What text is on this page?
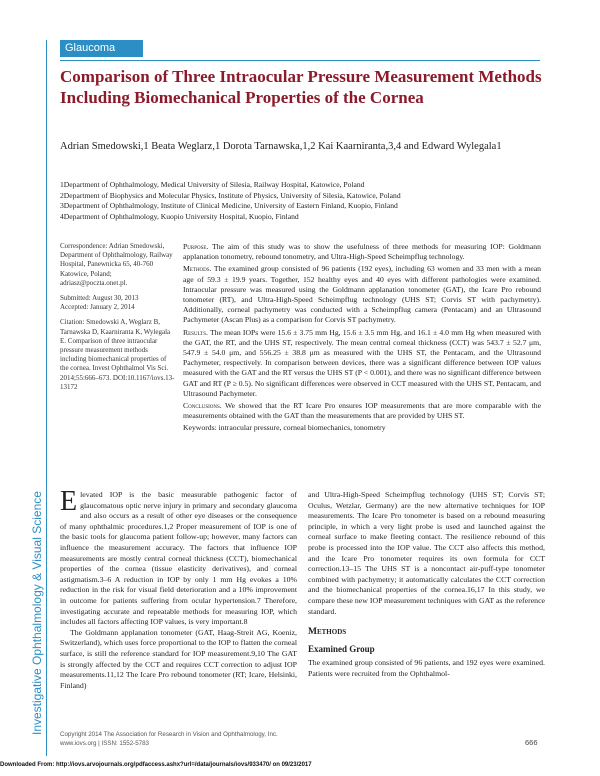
Glaucoma
Comparison of Three Intraocular Pressure Measurement Methods Including Biomechanical Properties of the Cornea
Adrian Smedowski,1 Beata Weglarz,1 Dorota Tarnawska,1,2 Kai Kaarniranta,3,4 and Edward Wylegala1
1Department of Ophthalmology, Medical University of Silesia, Railway Hospital, Katowice, Poland
2Department of Biophysics and Molecular Physics, Institute of Physics, University of Silesia, Katowice, Poland
3Department of Ophthalmology, Institute of Clinical Medicine, University of Eastern Finland, Kuopio, Finland
4Department of Ophthalmology, Kuopio University Hospital, Kuopio, Finland
Correspondence: Adrian Smedowski, Department of Ophthalmology, Railway Hospital, Panewnicka 65, 40-760 Katowice, Poland; adriasz@poczta.onet.pl.
Submitted: August 30, 2013
Accepted: January 2, 2014
Citation: Smedowski A, Weglarz B, Tarnawska D, Kaarniranta K, Wylegala E. Comparison of three intraocular pressure measurement methods including biomechanical properties of the cornea. Invest Ophthalmol Vis Sci. 2014;55:666–673. DOI:10.1167/iovs.13-13172

Purpose. The aim of this study was to show the usefulness of three methods for measuring IOP: Goldmann applanation tonometry, rebound tonometry, and Ultra-High-Speed Scheimpflug technology.

Methods. The examined group consisted of 96 patients (192 eyes), including 63 women and 33 men with a mean age of 59.3 ± 19.9 years. Together, 152 healthy eyes and 40 eyes with different pathologies were examined. Intraocular pressure was measured using the Goldmann applanation tonometer (GAT), the Icare Pro rebound tonometer (RT), and Ultra-High-Speed Scheimpflug technology (UHS ST; Corvis ST with pachymetry). Additionally, corneal pachymetry was conducted with a Scheimpflug camera (Pentacam) and an Ultrasound Pachymeter (Ascan Plus) as a comparison for Corvis ST pachymetry.

Results. The mean IOPs were 15.6 ± 3.75 mm Hg, 15.6 ± 3.5 mm Hg, and 16.1 ± 4.0 mm Hg when measured with the GAT, the RT, and the UHS ST, respectively. The mean central corneal thickness (CCT) was 543.7 ± 52.7 μm, 547.9 ± 54.0 μm, and 556.25 ± 38.8 μm as measured with the UHS ST, the Pentacam, and the Ultrasound Pachymeter, respectively. In comparison between devices, there was a significant difference between IOP values measured with the GAT and the RT versus the UHS ST (P < 0.001), and there was no significant difference between GAT and RT (P ≥ 0.5). No significant differences were observed in CCT measured with the UHS ST, Pentacam, and Ultrasound Pachymeter.

Conclusions. We showed that the RT Icare Pro ensures IOP measurements that are more comparable with the measurements obtained with the GAT than the measurements that are provided by UHS ST.

Keywords: intraocular pressure, corneal biomechanics, tonometry

Elevated IOP is the basic measurable pathogenic factor of glaucomatous optic nerve injury in primary and secondary glaucoma and also occurs as a result of other eye diseases or the consequence of many ophthalmic procedures.1,2 Proper measurement of IOP is one of the basic tools for glaucoma patient follow-up; however, many factors can influence the measurement accuracy. The factors that influence IOP measurements are mostly central corneal thickness (CCT), biomechanical properties of the cornea (tissue elasticity derivatives), and corneal astigmatism.3–6 A reduction in IOP by only 1 mm Hg evokes a 10% reduction in the risk for visual field deterioration and a 10% improvement in outcome for patients suffering from ocular hypertension.7 Therefore, investigating accurate and repeatable methods for measuring IOP, which includes all factors affecting IOP values, is very important.8

The Goldmann applanation tonometer (GAT, Haag-Streit AG, Koeniz, Switzerland), which uses force proportional to the IOP to flatten the corneal surface, is still the reference standard for IOP measurement.9,10 The GAT is strongly affected by the CCT and requires CCT correction to adjust IOP measurements.11,12 The Icare Pro rebound tonometer (RT; Icare, Helsinki, Finland)

and Ultra-High-Speed Scheimpflug technology (UHS ST; Corvis ST; Oculus, Wetzlar, Germany) are the new alternative techniques for IOP measurements. The Icare Pro tonometer is based on a rebound measuring principle, in which a very light probe is used and launched against the corneal surface to make fleeting contact. The resilience rebound of this probe is processed into the IOP value. The CCT also affects this method, and the Icare Pro tonometer requires its own formula for CCT correction.13–15 The UHS ST is a noncontact air-puff-type tonometer combined with pachymetry; it automatically calculates the CCT correction and the biomechanical properties of the cornea.16,17 In this study, we compare these new IOP measurement techniques with GAT as the reference standard.

Methods
Examined Group

The examined group consisted of 96 patients, and 192 eyes were examined. Patients were recruited from the Ophthalmol-

Investigative Ophthalmology & Visual Science	Copyright 2014 The Association for Research in Vision and Ophthalmology, Inc.
www.iovs.org | ISSN: 1552-5783	666
Downloaded From: http://iovs.arvojournals.org/pdfaccess.ashx?url=/data/journals/iovs/933470/ on 09/23/2017
